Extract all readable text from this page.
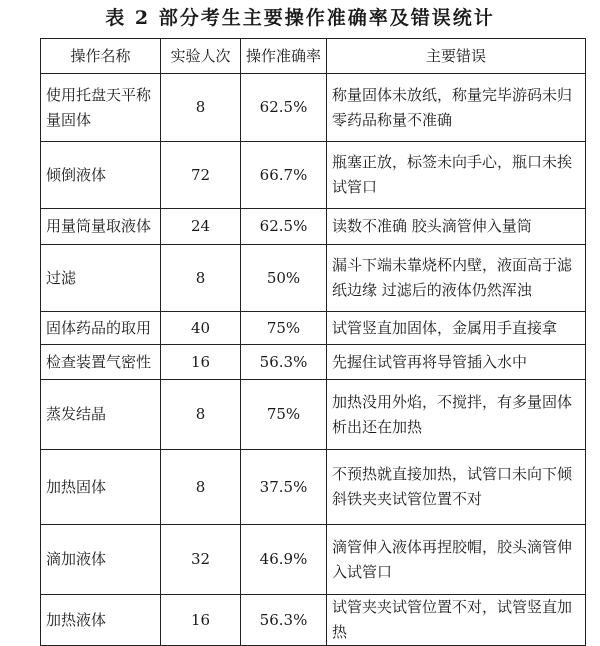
表 2 部分考生主要操作准确率及错误统计
操作名称	实验人次	操作准确率	主要错误
使用托盘天平称量固体	8	62.5%	称量固体未放纸，称量完毕游码未归零药品称量不准确
倾倒液体	72	66.7%	瓶塞正放，标签未向手心，瓶口未挨试管口
用量筒量取液体	24	62.5%	读数不准确 胶头滴管伸入量筒
过滤	8	50%	漏斗下端未靠烧杯内壁，液面高于滤纸边缘 过滤后的液体仍然浑浊
固体药品的取用	40	75%	试管竖直加固体，金属用手直接拿
检查装置气密性	16	56.3%	先握住试管再将导管插入水中
蒸发结晶	8	75%	加热没用外焰，不搅拌，有多量固体析出还在加热
加热固体	8	37.5%	不预热就直接加热，试管口未向下倾斜铁夹夹试管位置不对
滴加液体	32	46.9%	滴管伸入液体再捏胶帽，胶头滴管伸入试管口
加热液体	16	56.3%	试管夹夹试管位置不对，试管竖直加热
